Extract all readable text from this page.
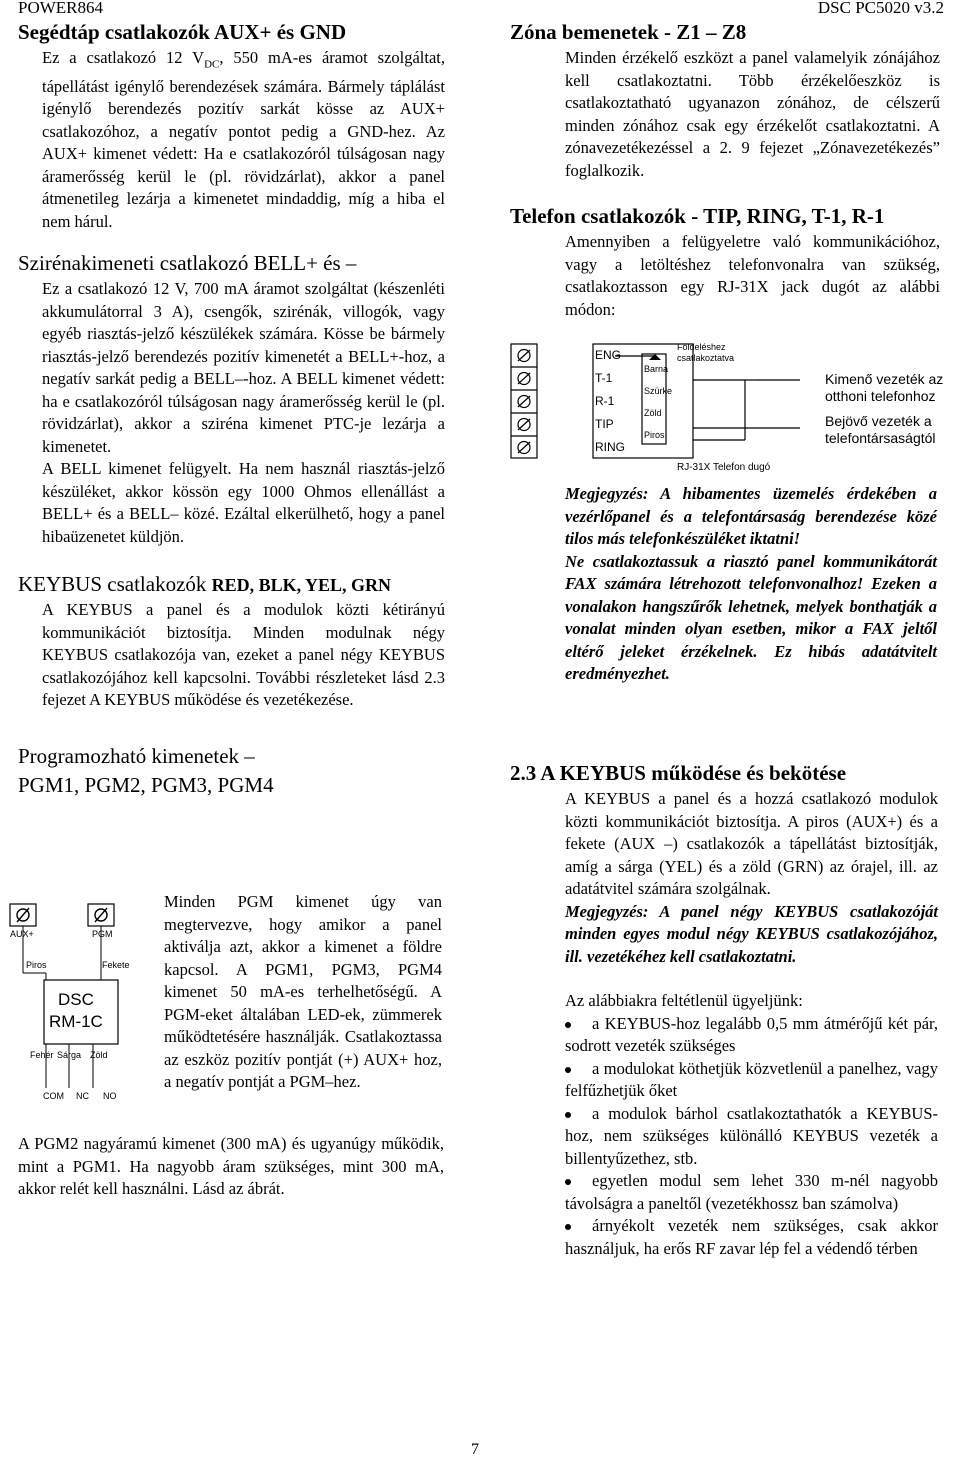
POWER864	DSC PC5020 v3.2
Segédtáp csatlakozók AUX+ és GND

Ez a csatlakozó 12 $V_{DC}$, 550 mA-es áramot szolgáltat, tápellátást igénylő berendezések számára. Bármely táplálást igénylő berendezés pozitív sarkát kösse az AUX+ csatlakozóhoz, a negatív pontot pedig a GND-hez. Az AUX+ kimenet védett: Ha e csatlakozóról túlságosan nagy áramerősség kerül le (pl. rövidzárlat), akkor a panel átmenetileg lezárja a kimenetet mindaddig, míg a hiba el nem hárul.

Szirénakimeneti csatlakozó BELL+ és –

Ez a csatlakozó 12 V, 700 mA áramot szolgáltat (készenléti akkumulátorral 3 A), csengők, szirénák, villogók, vagy egyéb riasztás-jelző készülékek számára. Kösse be bármely riasztás-jelző berendezés pozitív kimenetét a BELL+-hoz, a negatív sarkát pedig a BELL–-hoz. A BELL kimenet védett: ha e csatlakozóról túlságosan nagy áramerősség kerül le (pl. rövidzárlat), akkor a sziréna kimenet PTC-je lezárja a kimenetet.

A BELL kimenet felügyelt. Ha nem használ riasztás-jelző készüléket, akkor kössön egy 1000 Ohmos ellenállást a BELL+ és a BELL– közé. Ezáltal elkerülhető, hogy a panel hibaüzenetet küldjön.

KEYBUS csatlakozók RED, BLK, YEL, GRN

A KEYBUS a panel és a modulok közti kétirányú kommunikációt biztosítja. Minden modulnak négy KEYBUS csatlakozója van, ezeket a panel négy KEYBUS csatlakozójához kell kapcsolni. További részleteket lásd 2.3 fejezet A KEYBUS működése és vezetékezése.

Programozható kimenetek –
PGM1, PGM2, PGM3, PGM4

Minden PGM kimenet úgy van megtervezve, hogy amikor a panel aktiválja azt, akkor a kimenet a földre kapcsol. A PGM1, PGM3, PGM4 kimenet 50 mA-es terhelhetőségű. A PGM-eket általában LED-ek, zümmerek működtetésére használják. Csatlakoztassa az eszköz pozitív pontját (+) AUX+ hoz, a negatív pontját a PGM–hez.

A PGM2 nagyáramú kimenet (300 mA) és ugyanúgy működik, mint a PGM1. Ha nagyobb áram szükséges, mint 300 mA, akkor relét kell használni. Lásd az ábrát.

AUX+	PGM
Piros	Fekete
DSC
RM-1C
Fehér Sárga Zöld
COM NC NO
Zóna bemenetek - Z1 – Z8

Minden érzékelő eszközt a panel valamelyik zónájához kell csatlakoztatni. Több érzékelőeszköz is csatlakoztatható ugyanazon zónához, de célszerű minden zónához csak egy érzékelőt csatlakoztatni. A zónavezetékezéssel a 2. 9 fejezet „Zónavezetékezés” foglalkozik.

Telefon csatlakozók - TIP, RING, T-1, R-1

Amennyiben a felügyeletre való kommunikációhoz, vagy a letöltéshez telefonvonalra van szükség, csatlakoztasson egy RJ-31X jack dugót az alábbi módon:

ENG
T-1
R-1
TIP
RING
Barna
Szürke
Zöld
Piros
Földeléshez
csatlakoztatva
RJ-31X Telefon dugó
Kimenő vezeték az
otthoni telefonhoz
Bejövő vezeték a
telefontársaságtól

Megjegyzés: A hibamentes üzemelés érdekében a vezérlőpanel és a telefontársaság berendezése közé tilos más telefonkészüléket iktatni!

Ne csatlakoztassuk a riasztó panel kommunikátorát FAX számára létrehozott telefonvonalhoz! Ezeken a vonalakon hangszűrők lehetnek, melyek bonthatják a vonalat minden olyan esetben, mikor a FAX jeltől eltérő jeleket érzékelnek. Ez hibás adatátvitelt eredményezhet.

2.3 A KEYBUS működése és bekötése

A KEYBUS a panel és a hozzá csatlakozó modulok közti kommunikációt biztosítja. A piros (AUX+) és a fekete (AUX –) csatlakozók a tápellátást biztosítják, amíg a sárga (YEL) és a zöld (GRN) az órajel, ill. az adatátvitel számára szolgálnak.

Megjegyzés: A panel négy KEYBUS csatlakozóját minden egyes modul négy KEYBUS csatlakozójához, ill. vezetékéhez kell csatlakoztatni.

Az alábbiakra feltétlenül ügyeljünk:

a KEYBUS-hoz legalább 0,5 mm átmérőjű két pár, sodrott vezeték szükséges
a modulokat köthetjük közvetlenül a panelhez, vagy felfűzhetjük őket
a modulok bárhol csatlakoztathatók a KEYBUS-hoz, nem szükséges különálló KEYBUS vezeték a billentyűzethez, stb.
egyetlen modul sem lehet 330 m-nél nagyobb távolságra a paneltől (vezetékhossz ban számolva)
árnyékolt vezeték nem szükséges, csak akkor használjuk, ha erős RF zavar lép fel a védendő térben
7
